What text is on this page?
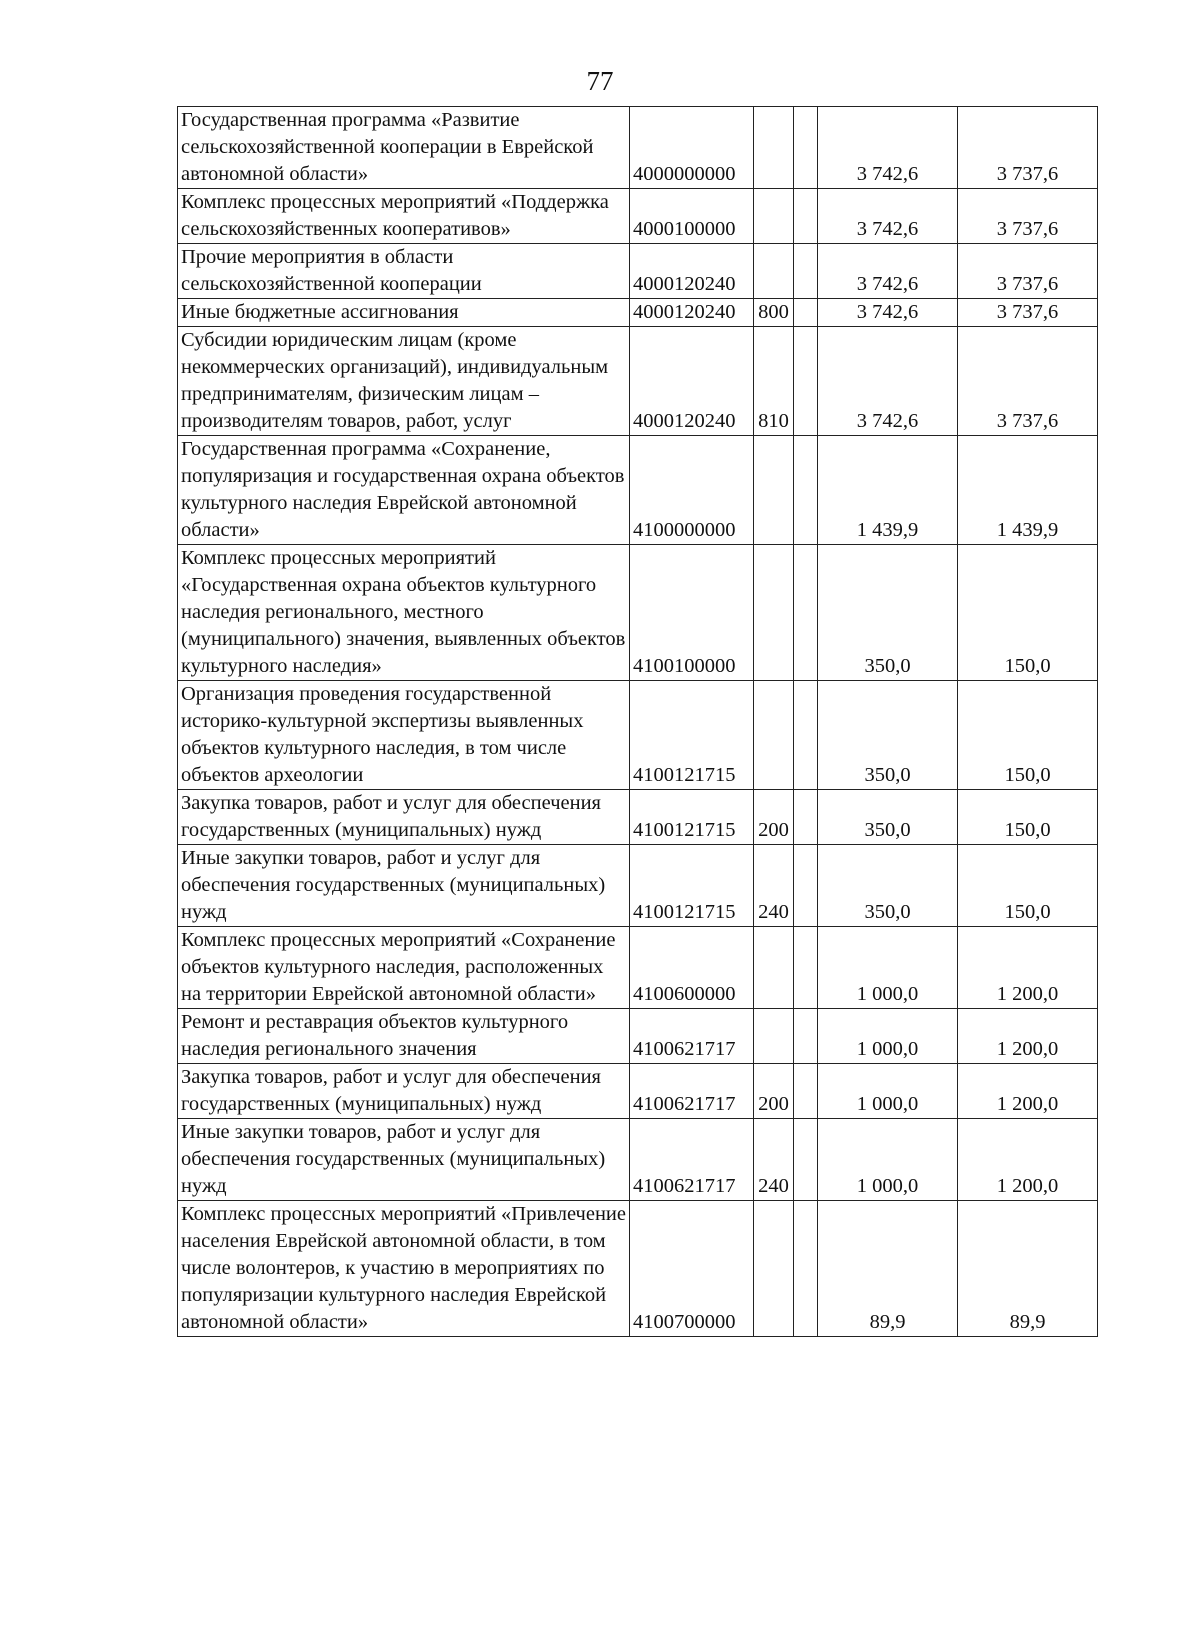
77
Государственная программа «Развитие сельскохозяйственной кооперации в Еврейской автономной области»	4000000000			3 742,6	3 737,6
Комплекс процессных мероприятий «Поддержка сельскохозяйственных кооперативов»	4000100000			3 742,6	3 737,6
Прочие мероприятия в области сельскохозяйственной кооперации	4000120240			3 742,6	3 737,6
Иные бюджетные ассигнования	4000120240	800		3 742,6	3 737,6
Субсидии юридическим лицам (кроме некоммерческих организаций), индивидуальным предпринимателям, физическим лицам – производителям товаров, работ, услуг	4000120240	810		3 742,6	3 737,6
Государственная программа «Сохранение, популяризация и государственная охрана объектов культурного наследия Еврейской автономной области»	4100000000			1 439,9	1 439,9
Комплекс процессных мероприятий «Государственная охрана объектов культурного наследия регионального, местного (муниципального) значения, выявленных объектов культурного наследия»	4100100000			350,0	150,0
Организация проведения государственной историко-культурной экспертизы выявленных объектов культурного наследия, в том числе объектов археологии	4100121715			350,0	150,0
Закупка товаров, работ и услуг для обеспечения государственных (муниципальных) нужд	4100121715	200		350,0	150,0
Иные закупки товаров, работ и услуг для обеспечения государственных (муниципальных) нужд	4100121715	240		350,0	150,0
Комплекс процессных мероприятий «Сохранение объектов культурного наследия, расположенных на территории Еврейской автономной области»	4100600000			1 000,0	1 200,0
Ремонт и реставрация объектов культурного наследия регионального значения	4100621717			1 000,0	1 200,0
Закупка товаров, работ и услуг для обеспечения государственных (муниципальных) нужд	4100621717	200		1 000,0	1 200,0
Иные закупки товаров, работ и услуг для обеспечения государственных (муниципальных) нужд	4100621717	240		1 000,0	1 200,0
Комплекс процессных мероприятий «Привлечение населения Еврейской автономной области, в том числе волонтеров, к участию в мероприятиях по популяризации культурного наследия Еврейской автономной области»	4100700000			89,9	89,9
